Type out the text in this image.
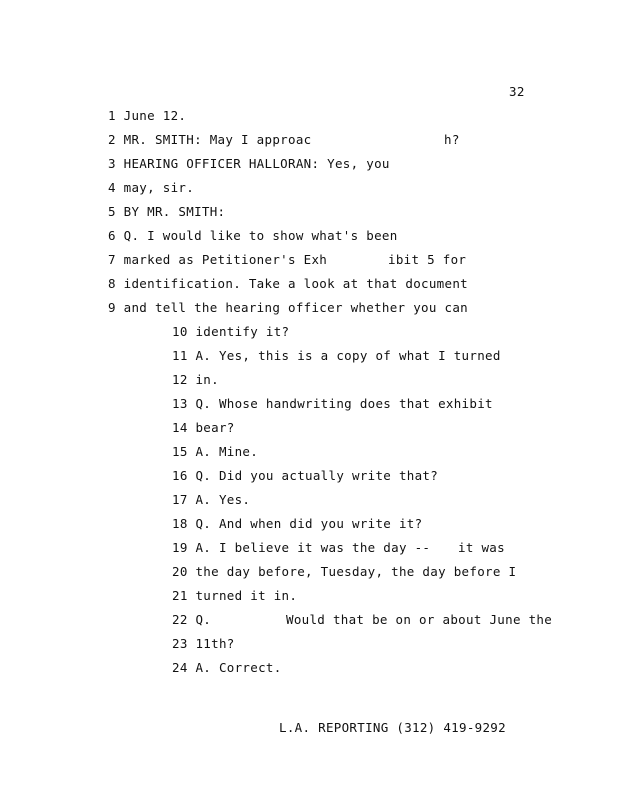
32
1 June 12.
2 MR. SMITH: May I approac	h?
3 HEARING OFFICER HALLORAN: Yes, you
4 may, sir.
5 BY MR. SMITH:
6 Q. I would like to show what's been
7 marked as Petitioner's Exh	ibit 5 for
8 identification. Take a look at that document
9 and tell the hearing officer whether you can
10 identify it?
11 A. Yes, this is a copy of what I turned
12 in.
13 Q. Whose handwriting does that exhibit
14 bear?
15 A. Mine.
16 Q. Did you actually write that?
17 A. Yes.
18 Q. And when did you write it?
19 A. I believe it was the day -- it was
20 the day before, Tuesday, the day before I
21 turned it in.
22 Q.	Would that be on or about June the
23 11th?
24 A. Correct.
L.A. REPORTING (312) 419-9292
